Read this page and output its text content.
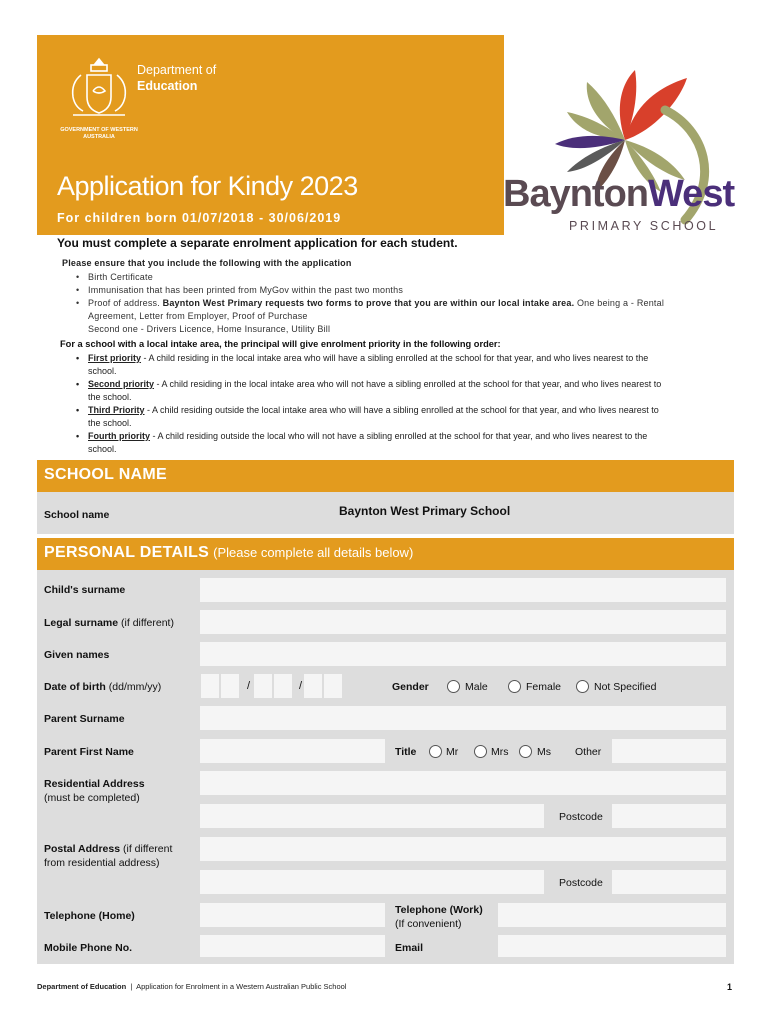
GOVERNMENT OF WESTERN AUSTRALIA
Department of
Education
Application for Kindy 2023
For children born 01/07/2018 - 30/06/2019
BayntonWest
PRIMARY SCHOOL
You must complete a separate enrolment application for each student.
Please ensure that you include the following with the application
• Birth Certificate
• Immunisation that has been printed from MyGov within the past two months
• Proof of address. Baynton West Primary requests two forms to prove that you are within our local intake area. One being a - Rental Agreement, Letter from Employer, Proof of Purchase
Second one - Drivers Licence, Home Insurance, Utility Bill
For a school with a local intake area, the principal will give enrolment priority in the following order:
• First priority - A child residing in the local intake area who will have a sibling enrolled at the school for that year, and who lives nearest to the school.
• Second priority - A child residing in the local intake area who will not have a sibling enrolled at the school for that year, and who lives nearest to the school.
• Third Priority - A child residing outside the local intake area who will have a sibling enrolled at the school for that year, and who lives nearest to the school.
• Fourth priority - A child residing outside the local who will not have a sibling enrolled at the school for that year, and who lives nearest to the school.
SCHOOL NAME
School name	Baynton West Primary School
PERSONAL DETAILS (Please complete all details below)
Child's surname
Legal surname (if different)
Given names
Date of birth (dd/mm/yy)	/	/	Gender	Male	Female	Not Specified
Parent Surname
Parent First Name	Title	Mr	Mrs	Ms Other
Residential Address
(must be completed)
Postcode
Postal Address (if different
from residential address)
Postcode
Telephone (Home)	Telephone (Work)
(If convenient)
Mobile Phone No.	Email
Department of Education | Application for Enrolment in a Western Australian Public School	1
